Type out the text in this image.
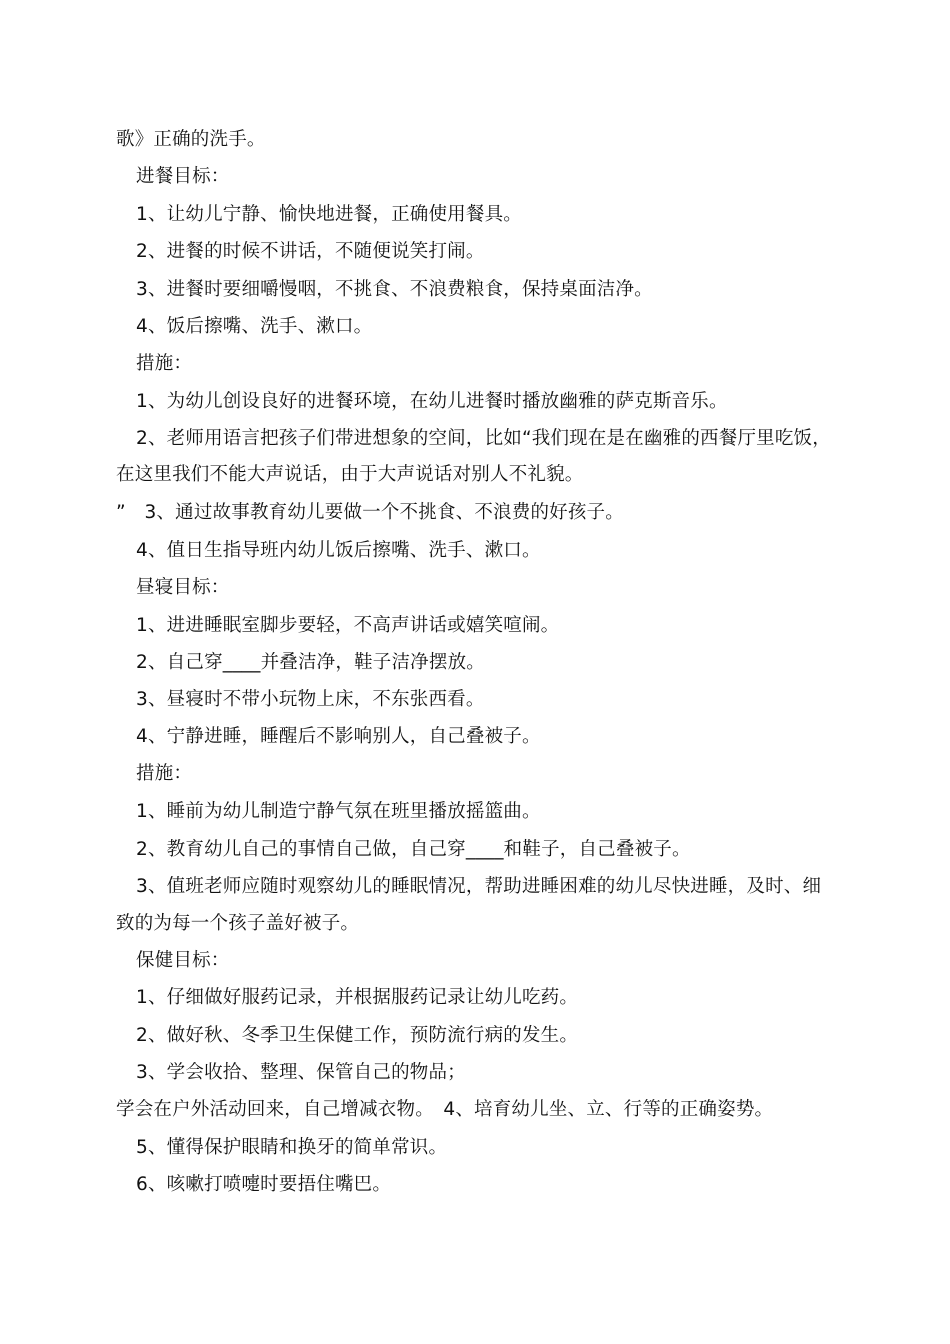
歌》正确的洗手。
进餐目标：
1、让幼儿宁静、愉快地进餐，正确使用餐具。
2、进餐的时候不讲话，不随便说笑打闹。
3、进餐时要细嚼慢咽，不挑食、不浪费粮食，保持桌面洁净。
4、饭后擦嘴、洗手、漱口。
措施：
1、为幼儿创设良好的进餐环境，在幼儿进餐时播放幽雅的萨克斯音乐。
2、老师用语言把孩子们带进想象的空间，比如“我们现在是在幽雅的西餐厅里吃饭，
在这里我们不能大声说话，由于大声说话对别人不礼貌。
”　3、通过故事教育幼儿要做一个不挑食、不浪费的好孩子。
4、值日生指导班内幼儿饭后擦嘴、洗手、漱口。
昼寝目标：
1、进进睡眠室脚步要轻，不高声讲话或嬉笑喧闹。
2、自己穿____并叠洁净，鞋子洁净摆放。
3、昼寝时不带小玩物上床，不东张西看。
4、宁静进睡，睡醒后不影响别人，自己叠被子。
措施：
1、睡前为幼儿制造宁静气氛在班里播放摇篮曲。
2、教育幼儿自己的事情自己做，自己穿____和鞋子，自己叠被子。
3、值班老师应随时观察幼儿的睡眠情况，帮助进睡困难的幼儿尽快进睡，及时、细
致的为每一个孩子盖好被子。
保健目标：
1、仔细做好服药记录，并根据服药记录让幼儿吃药。
2、做好秋、冬季卫生保健工作，预防流行病的发生。
3、学会收拾、整理、保管自己的物品；
学会在户外活动回来，自己增减衣物。　4、培育幼儿坐、立、行等的正确姿势。
5、懂得保护眼睛和换牙的简单常识。
6、咳嗽打喷嚏时要捂住嘴巴。
